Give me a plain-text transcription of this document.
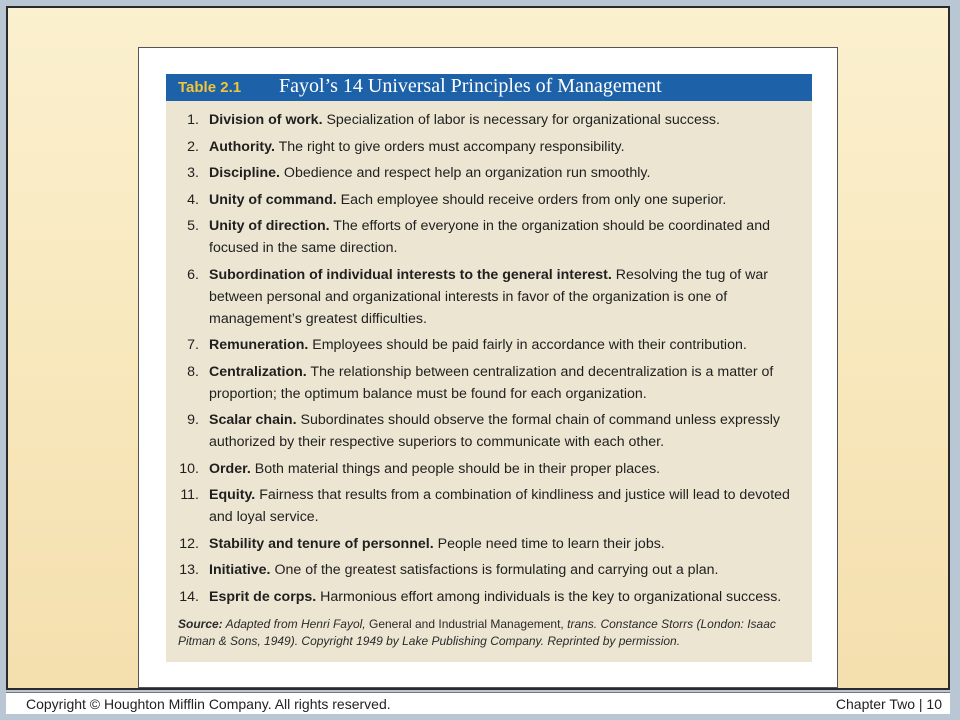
Table 2.1 Fayol’s 14 Universal Principles of Management
1. Division of work. Specialization of labor is necessary for organizational success.
2. Authority. The right to give orders must accompany responsibility.
3. Discipline. Obedience and respect help an organization run smoothly.
4. Unity of command. Each employee should receive orders from only one superior.
5. Unity of direction. The efforts of everyone in the organization should be coordinated and focused in the same direction.
6. Subordination of individual interests to the general interest. Resolving the tug of war between personal and organizational interests in favor of the organization is one of management’s greatest difficulties.
7. Remuneration. Employees should be paid fairly in accordance with their contribution.
8. Centralization. The relationship between centralization and decentralization is a matter of proportion; the optimum balance must be found for each organization.
9. Scalar chain. Subordinates should observe the formal chain of command unless expressly authorized by their respective superiors to communicate with each other.
10. Order. Both material things and people should be in their proper places.
11. Equity. Fairness that results from a combination of kindliness and justice will lead to devoted and loyal service.
12. Stability and tenure of personnel. People need time to learn their jobs.
13. Initiative. One of the greatest satisfactions is formulating and carrying out a plan.
14. Esprit de corps. Harmonious effort among individuals is the key to organizational success.
Source: Adapted from Henri Fayol, General and Industrial Management, trans. Constance Storrs (London: Isaac Pitman & Sons, 1949). Copyright 1949 by Lake Publishing Company. Reprinted by permission.
Copyright © Houghton Mifflin Company. All rights reserved.	Chapter Two | 10
